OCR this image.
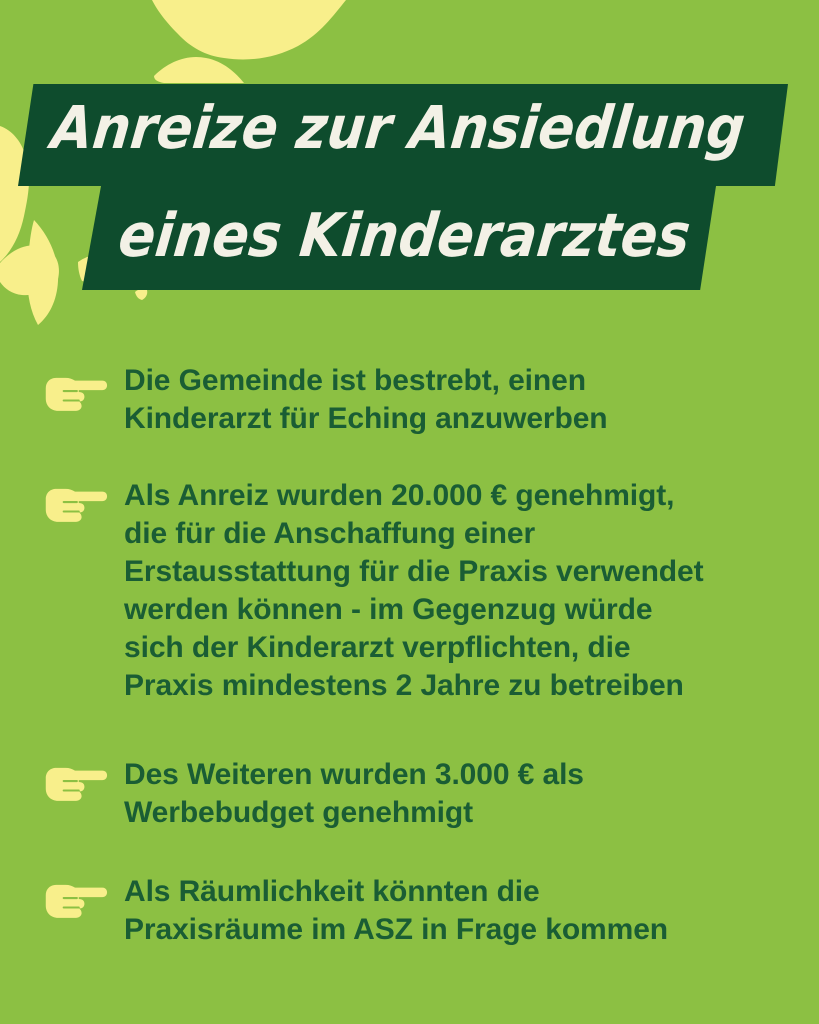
Anreize zur Ansiedlung
eines Kinderarztes

Die Gemeinde ist bestrebt, einen
Kinderarzt für Eching anzuwerben

Als Anreiz wurden 20.000 € genehmigt,
die für die Anschaffung einer
Erstausstattung für die Praxis verwendet
werden können - im Gegenzug würde
sich der Kinderarzt verpflichten, die
Praxis mindestens 2 Jahre zu betreiben

Des Weiteren wurden 3.000 € als
Werbebudget genehmigt

Als Räumlichkeit könnten die
Praxisräume im ASZ in Frage kommen
